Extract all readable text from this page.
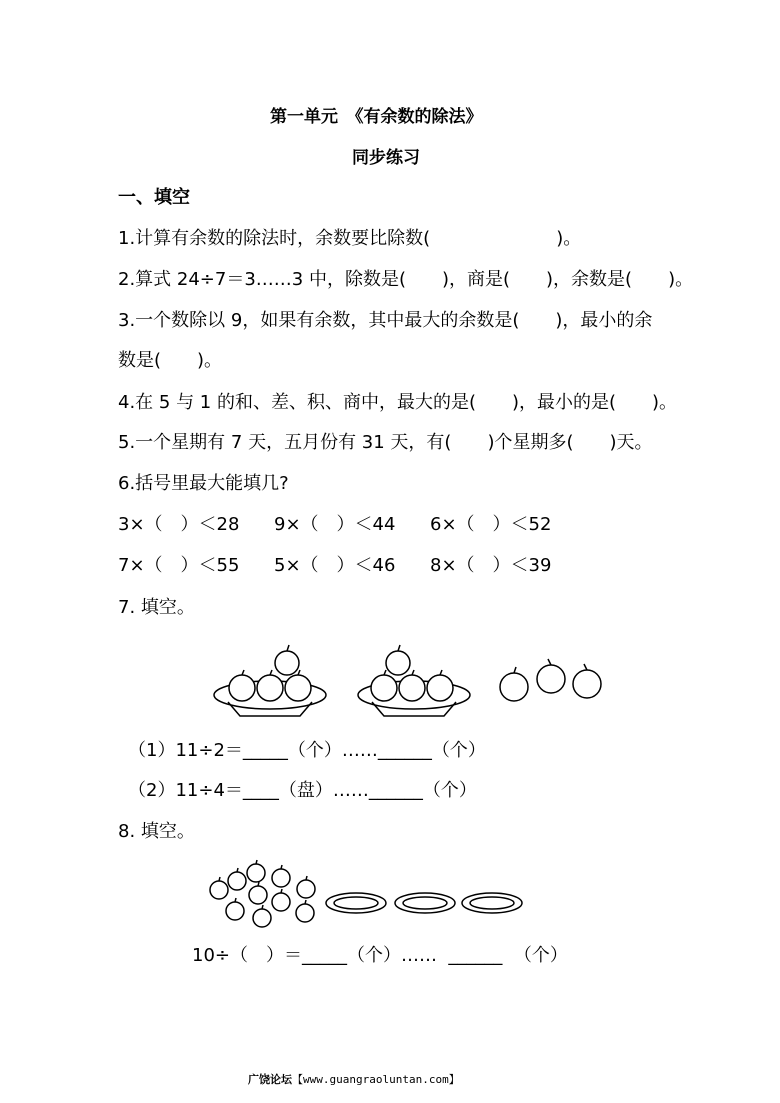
第一单元　《有余数的除法》
同步练习
一、填空
1.计算有余数的除法时，余数要比除数(　　　　　　　)。
2.算式 24÷7＝3……3 中，除数是(　　)，商是(　　)，余数是(　　)。
3.一个数除以 9，如果有余数，其中最大的余数是(　　)，最小的余
数是(　　)。
4.在 5 与 1 的和、差、积、商中，最大的是(　　)，最小的是(　　)。
5.一个星期有 7 天，五月份有 31 天，有(　　)个星期多(　　)天。
6.括号里最大能填几?
3×（　）＜28 9×（　）＜44 6×（　）＜52
7×（　）＜55 5×（　）＜46 8×（　）＜39
7. 填空。
（1）11÷2＝_____（个）……______（个）
（2）11÷4＝____（盘）……______（个）
8. 填空。
10÷（　）＝_____（个）……  ______  （个）
广饶论坛【www.guangraoluntan.com】
